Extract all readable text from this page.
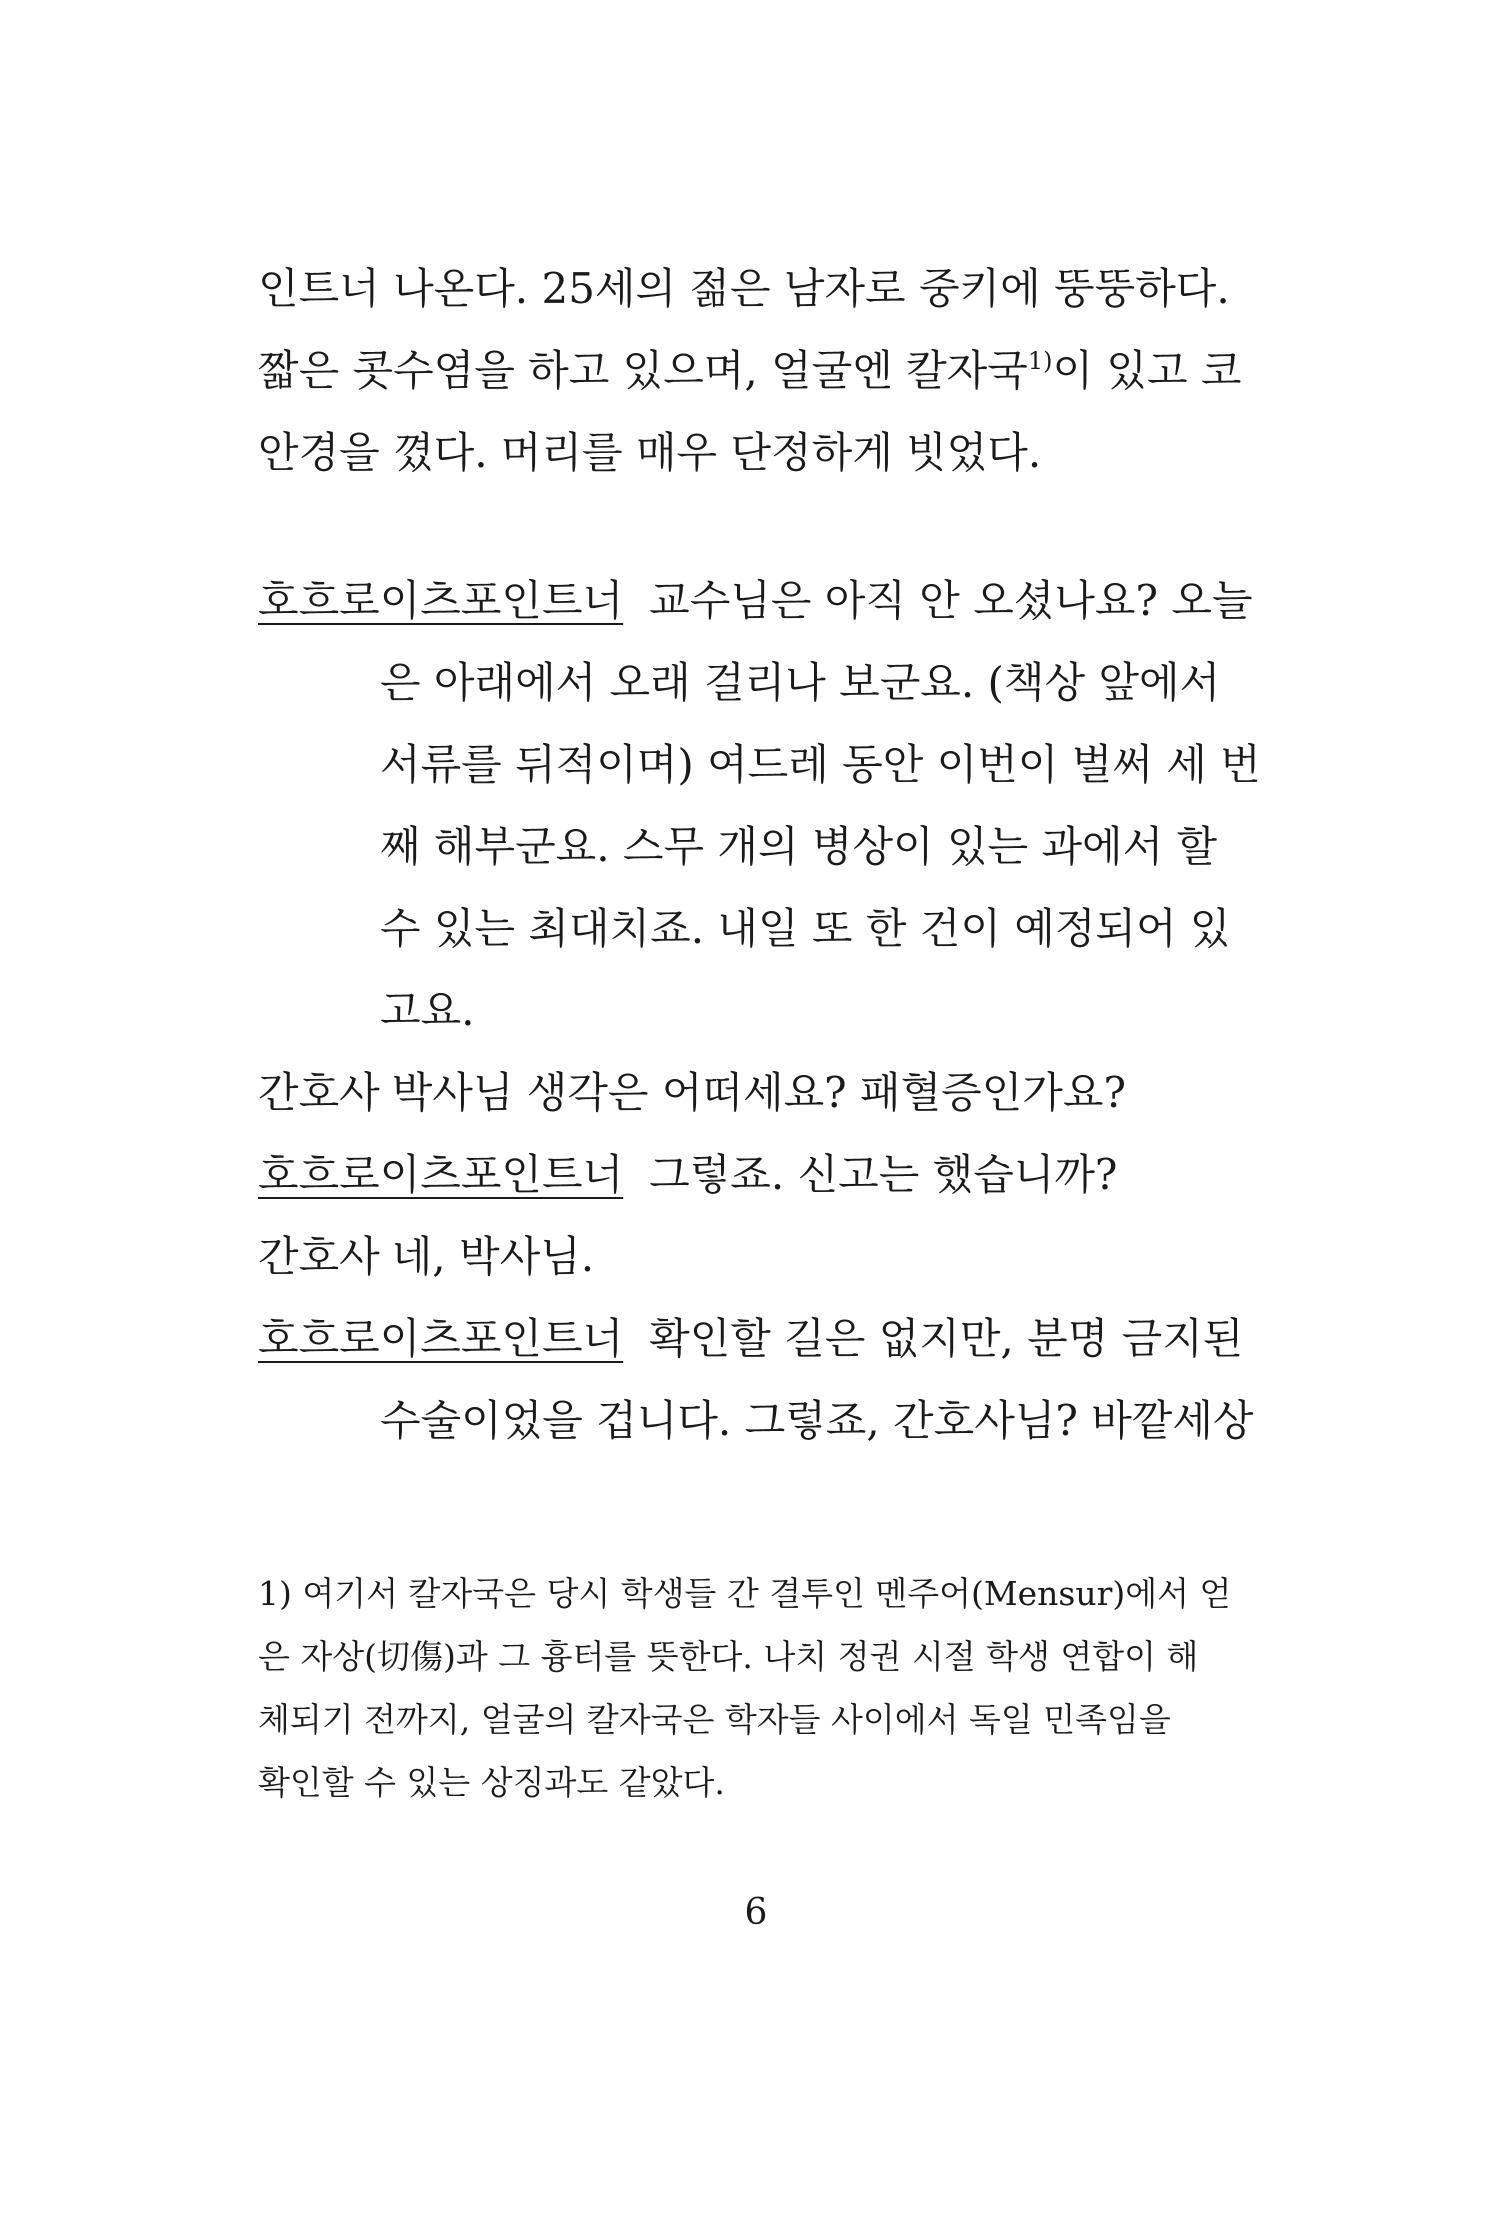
인트너 나온다. 25세의 젊은 남자로 중키에 뚱뚱하다.
짧은 콧수염을 하고 있으며, 얼굴엔 칼자국$^{1)}$이 있고 코
안경을 꼈다. 머리를 매우 단정하게 빗었다.
호흐로이츠포인트너 교수님은 아직 안 오셨나요? 오늘
은 아래에서 오래 걸리나 보군요. (책상 앞에서
서류를 뒤적이며) 여드레 동안 이번이 벌써 세 번
째 해부군요. 스무 개의 병상이 있는 과에서 할
수 있는 최대치죠. 내일 또 한 건이 예정되어 있
고요.
간호사 박사님 생각은 어떠세요? 패혈증인가요?
호흐로이츠포인트너 그렇죠. 신고는 했습니까?
간호사 네, 박사님.
호흐로이츠포인트너 확인할 길은 없지만, 분명 금지된
수술이었을 겁니다. 그렇죠, 간호사님? 바깥세상
1) 여기서 칼자국은 당시 학생들 간 결투인 멘주어(Mensur)에서 얻
은 자상(切傷)과 그 흉터를 뜻한다. 나치 정권 시절 학생 연합이 해
체되기 전까지, 얼굴의 칼자국은 학자들 사이에서 독일 민족임을
확인할 수 있는 상징과도 같았다.
6
